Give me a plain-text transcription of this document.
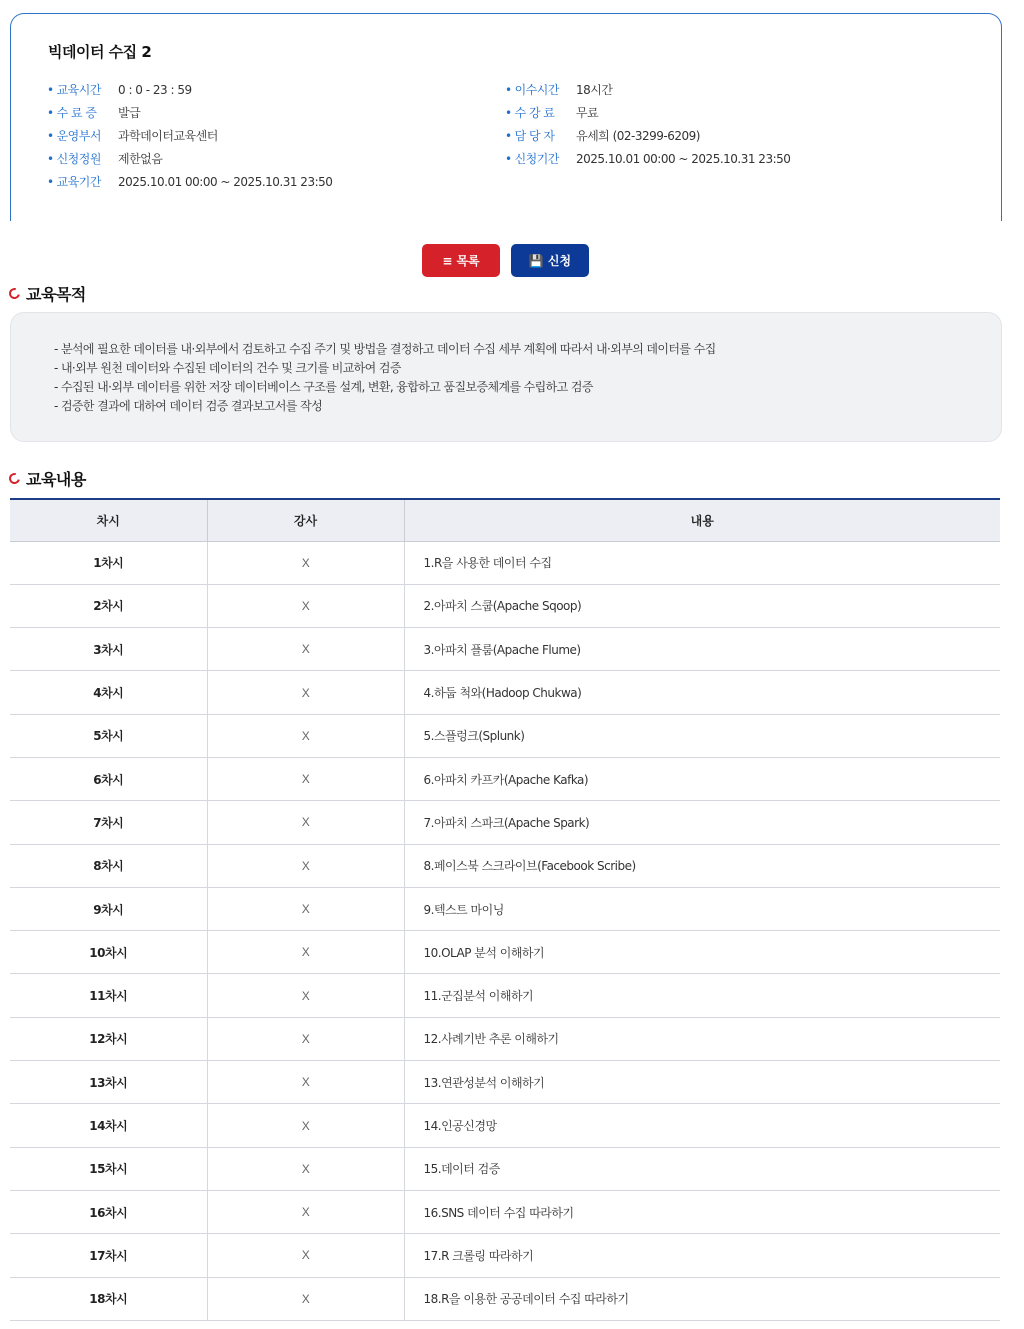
빅데이터 수집 2
• 교육시간	0 : 0 - 23 : 59
• 수 료 증	발급
• 운영부서	과학데이터교육센터
• 신청정원	제한없음
• 교육기간	2025.10.01 00:00 ~ 2025.10.31 23:50
• 이수시간	18시간
• 수 강 료	무료
• 담 당 자	유세희 (02-3299-6209)
• 신청기간	2025.10.01 00:00 ~ 2025.10.31 23:50
≡ 목록	💾 신청
교육목적
- 분석에 필요한 데이터를 내·외부에서 검토하고 수집 주기 및 방법을 결정하고 데이터 수집 세부 계획에 따라서 내·외부의 데이터를 수집
- 내·외부 원천 데이터와 수집된 데이터의 건수 및 크기를 비교하여 검증
- 수집된 내·외부 데이터를 위한 저장 데이터베이스 구조를 설계, 변환, 융합하고 품질보증체계를 수립하고 검증
- 검증한 결과에 대하여 데이터 검증 결과보고서를 작성
교육내용
차시	강사	내용
1차시	X	1.R을 사용한 데이터 수집
2차시	X	2.아파치 스쿱(Apache Sqoop)
3차시	X	3.아파치 플룸(Apache Flume)
4차시	X	4.하둡 척와(Hadoop Chukwa)
5차시	X	5.스플렁크(Splunk)
6차시	X	6.아파치 카프카(Apache Kafka)
7차시	X	7.아파치 스파크(Apache Spark)
8차시	X	8.페이스북 스크라이브(Facebook Scribe)
9차시	X	9.텍스트 마이닝
10차시	X	10.OLAP 분석 이해하기
11차시	X	11.군집분석 이해하기
12차시	X	12.사례기반 추론 이해하기
13차시	X	13.연관성분석 이해하기
14차시	X	14.인공신경망
15차시	X	15.데이터 검증
16차시	X	16.SNS 데이터 수집 따라하기
17차시	X	17.R 크롤링 따라하기
18차시	X	18.R을 이용한 공공데이터 수집 따라하기
